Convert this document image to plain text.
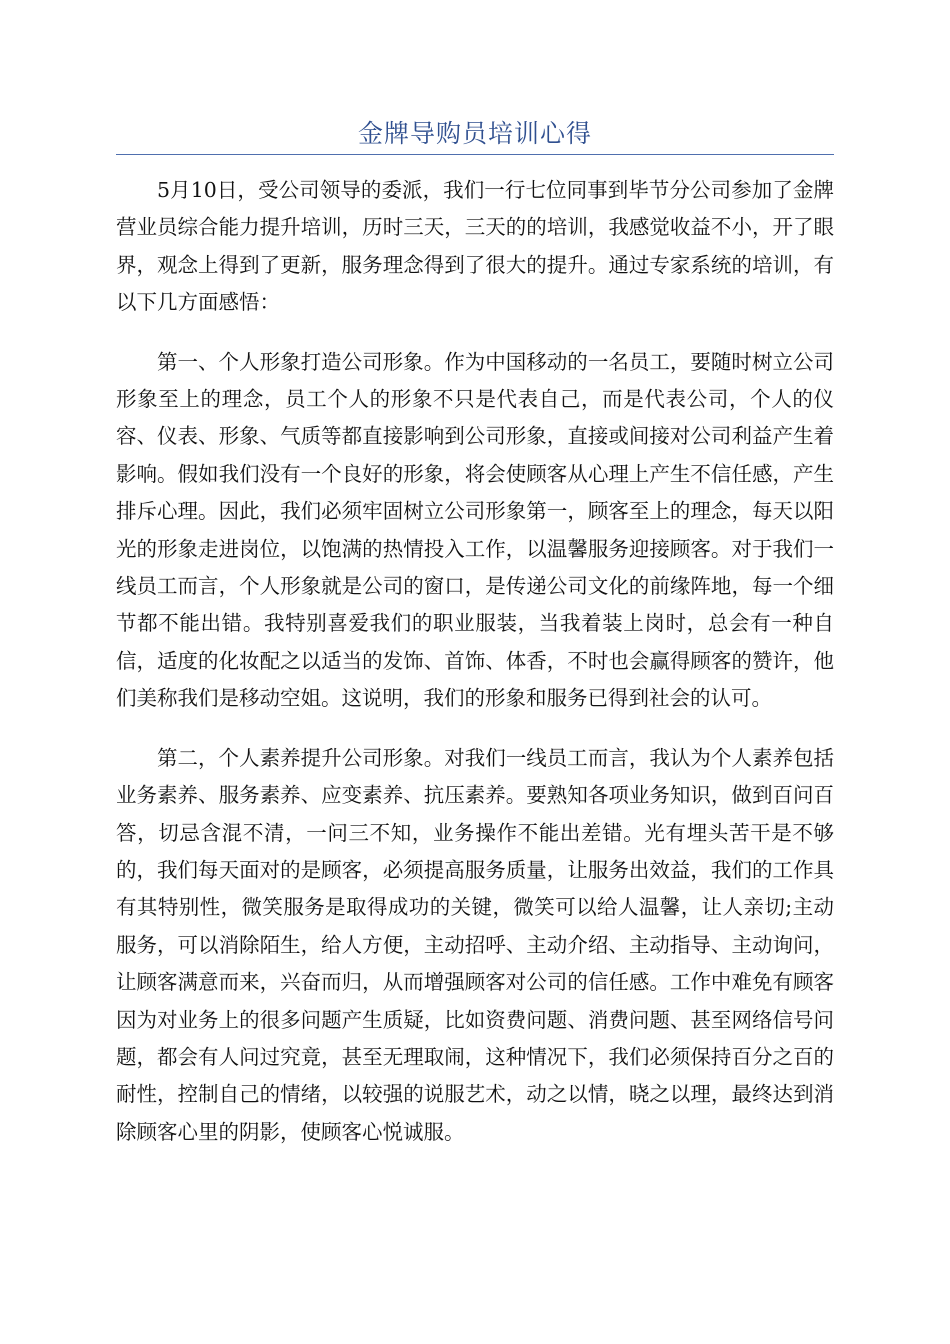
金牌导购员培训心得

5月10日，受公司领导的委派，我们一行七位同事到毕节分公司参加了金牌营业员综合能力提升培训，历时三天，三天的的培训，我感觉收益不小，开了眼界，观念上得到了更新，服务理念得到了很大的提升。通过专家系统的培训，有以下几方面感悟：

第一、个人形象打造公司形象。作为中国移动的一名员工，要随时树立公司形象至上的理念，员工个人的形象不只是代表自己，而是代表公司，个人的仪容、仪表、形象、气质等都直接影响到公司形象，直接或间接对公司利益产生着影响。假如我们没有一个良好的形象，将会使顾客从心理上产生不信任感，产生排斥心理。因此，我们必须牢固树立公司形象第一，顾客至上的理念，每天以阳光的形象走进岗位，以饱满的热情投入工作，以温馨服务迎接顾客。对于我们一线员工而言，个人形象就是公司的窗口，是传递公司文化的前缘阵地，每一个细节都不能出错。我特别喜爱我们的职业服装，当我着装上岗时，总会有一种自信，适度的化妆配之以适当的发饰、首饰、体香，不时也会赢得顾客的赞许，他们美称我们是移动空姐。这说明，我们的形象和服务已得到社会的认可。

第二，个人素养提升公司形象。对我们一线员工而言，我认为个人素养包括业务素养、服务素养、应变素养、抗压素养。要熟知各项业务知识，做到百问百答，切忌含混不清，一问三不知，业务操作不能出差错。光有埋头苦干是不够的，我们每天面对的是顾客，必须提高服务质量，让服务出效益，我们的工作具有其特别性，微笑服务是取得成功的关键，微笑可以给人温馨，让人亲切;主动服务，可以消除陌生，给人方便，主动招呼、主动介绍、主动指导、主动询问，让顾客满意而来，兴奋而归，从而增强顾客对公司的信任感。工作中难免有顾客因为对业务上的很多问题产生质疑，比如资费问题、消费问题、甚至网络信号问题，都会有人问过究竟，甚至无理取闹，这种情况下，我们必须保持百分之百的耐性，控制自己的情绪，以较强的说服艺术，动之以情，晓之以理，最终达到消除顾客心里的阴影，使顾客心悦诚服。
